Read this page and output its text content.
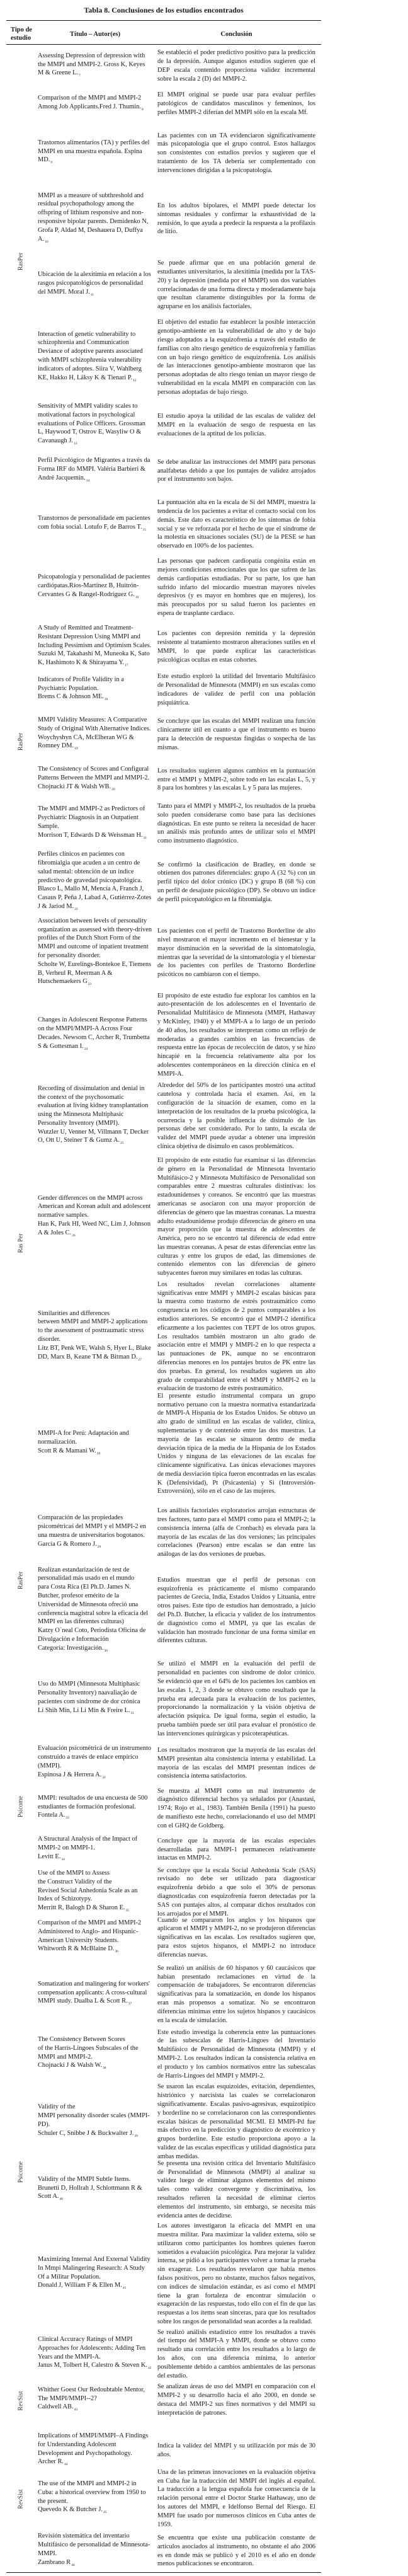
Tabla 8. Conclusiones de los estudios encontrados
Tipo de
estudio
Título – Autor(es)	Conclusión
Assessing Depression of depression with the MMPI and MMPI-2. Gross K, Keyes M & Greene $L._7$
Se estableció el poder predictivo positivo para la predicción de la depresión. Aunque algunos estudios sugieren que el DEP escala contenido proporciona validez incremental sobre la escala 2 (D) del MMPI-2.
Comparison of the MMPI and MMPI-2 Among Job Applicants.Fred J. $Thumin._8$
El MMPI original se puede usar para evaluar perfiles patológicos de candidatos masculinos y femeninos, los perfiles MMPI-2 diferían del MMPI sólo en la escala Mf.
Trastornos alimentarios (TA) y perfiles del MMPI en una muestra española. Espina $MD._9$
Las pacientes con un TA evidenciaron significativamente más psicopatología que el grupo control. Estos hallazgos son consistentes con estudios previos y sugieren que el tratamiento de los TA debería ser complementado con intervenciones dirigidas a la psicopatología.
MMPI as a measure of subthreshold and residual psychopathology among the offspring of lithium responsive and non-responsive bipolar parents. Demidenko N, Grofa P, Aldad M, Deshauera D, Duffya $A._{10}$
En los adultos bipolares, el MMPI puede detectar los síntomas residuales y confirmar la exhaustividad de la remisión, lo que ayuda a predecir la respuesta a la profilaxis de litio.
Ubicación de la alexitimia en relación a los rasgos psicopatológicos de personalidad del MMPI. Moral $J._{11}$
Se puede afirmar que en una población general de estudiantes universitarios, la alexitimia (medida por la TAS-20) y la depresión (medida por el MMPI) son dos variables correlacionadas de una forma directa y moderadamente baja que resultan claramente distinguibles por la forma de agruparse en los análisis factoriales.
Interaction of genetic vulnerability to schizophrenia and Communication Deviance of adoptive parents associated with MMPI schizophrenia vulnerability indicators of adoptes. Siira V, Wahlberg KE, Hakko H, Läksy K & Tienari $P._{12}$
El objetivo del estudio fue establecer la posible interacción genotipo-ambiente en la vulnerabilidad de alto y de bajo riesgo adoptados a la esquizofrenia a través del estudio de familias con alto riesgo genético de esquizofrenia y familias con un bajo riesgo genético de esquizofrenia. Los análisis de las interacciones genotipo-ambiente mostraron que las personas adoptadas de alto riesgo tenían un mayor riesgo de vulnerabilidad en la escala MMPI en comparación con las personas adoptadas de bajo riesgo.
Sensitivity of MMPI validity scales to motivational factors in psychological evaluations of Police Officers. Grossman L, Haywood T, Ostrov E, Wasyliw O & Cavanaugh $J._{13}$
El estudio apoya la utilidad de las escalas de validez del MMPI en la evaluación de sesgo de respuesta en las evaluaciones de la aptitud de los policías.
Perfil Psicológico de Migrantes a través da Forma IRF do MMPI. Valéria Barbieri & André $Jacquemin._{14}$
Se debe analizar las instrucciones del MMPI para personas analfabetas debido a que los puntajes de validez arrojados por el instrumento son bajos.
Transtornos de personalidade em pacientes com fobia social. Lotufo F, de Barros $T._{15}$
La puntuación alta en la escala de Si del MMPI, muestra la tendencia de los pacientes a evitar el contacto social con los demás. Este dato es característico de los síntomas de fobia social y se ve reforzada por el hecho de que el síndrome de la molestia en situaciones sociales (SU) de la PESE se han observado en 100% de los pacientes.
Psicopatología y personalidad de pacientes cardiópatas.Ríos-Martínez B, Huitrón-Cervantes G & Rangel-Rodríguez $G._{16}$
Las personas que padecen cardiopatía congénita están en mejores condiciones emocionales que los que sufren de las demás cardiopatías estudiadas. Por su parte, los que han sufrido infarto del miocardio muestran mayores niveles depresivos (y es mayor en hombres que en mujeres), los más preocupados por su salud fueron los pacientes en espera de trasplante cardiaco.
A Study of Remitted and Treatment-Resistant Depression Using MMPI and Including Pessimism and Optimism Scales. Suzuki M, Takahashi M, Muneoka K, Sato K, Hashimoto K & Shirayama $Y._{17}$
Los pacientes con depresión remitida y la depresión resistente al tratamiento mostraron alteraciones sutiles en el MMPI, lo que puede explicar las características psicológicas ocultas en estas cohortes.
Indicators of Profile Validity in a Psychiatric Population.
Brems C & Johnson $ME._{18}$
Este estudio exploró la utilidad del Inventario Multifásico de Personalidad de Minnesota (MMPI) en sus escalas como indicadores de validez de perfil con una población psiquiátrica.
MMPI Validity Measures: A Comparative Study of Original With Alternative Indices. Woychyshyn CA, McElheran WG & Romney $DM._{19}$
Se concluye que las escalas del MMPI realizan una función clínicamente útil en cuanto a que el instrumento es bueno para la detección de respuestas fingidas o sospecha de las mismas.
The Consistency of Scores and Configural Patterns Between the MMPI and MMPI-2. Chojnacki JT & Walsh $WB._{20}$
Los resultados sugieren algunos cambios en la puntuación entre el MMPI y MMPI-2, sobre todo en las escalas L, 5, y 8 para los hombres y las escalas L y 5 para las mujeres.
The MMPI and MMPI-2 as Predictors of Psychiatric Diagnosis in an Outpatient Sample.
Morrison T, Edwards D & Weissman $H._{21}$
Tanto para el MMPI y MMPI-2, los resultados de la prueba solo pueden considerarse como base para las decisiones diagnósticas. En este punto se reitera la necesidad de hacer un análisis más profundo antes de utilizar solo el MMPI como instrumento diagnóstico.
Perfiles clínicos en pacientes con fibromialgia que acuden a un centro de salud mental: obtención de un índice predictivo de gravedad psicopatológica.
Blasco L, Mallo M, Mencía A, Franch J, Casaus P, Peña J, Labad A, Gutiérrez-Zotes J & Jariod $M._{22}$
Se confirmó la clasificación de Bradley, en donde se obtienen dos patrones diferenciales: grupo A (32 %) con un perfil típico del dolor crónico (DC) y grupo B (68 %) con un perfil de desajuste psicológico (DP). Se obtuvo un índice de perfil psicopatológico en la fibromialgia.
Association between levels of personality organization as assessed with theory-driven profiles of the Dutch Short Form of the MMPI and outcome of inpatient treatment for personality disorder.
Scholte W, Eurelings-Bontekoe E, Tiemens B, Verheul R, Meerman A & Hutschemaekers $G_{23}$
Los pacientes con el perfil de Trastorno Borderline de alto nivel mostraron el mayor incremento en el bienestar y la mayor disminución en la severidad de la sintomatología, mientras que la severidad de la sintomatología y el bienestar de los pacientes con perfiles de Trastorno Borderline psicóticos no cambiaron con el tiempo.
Changes in Adolescent Response Patterns on the MMPI/MMPI-A Across Four Decades. Newsom C, Archer R, Trumbetta S & Gottesman $I._{24}$
El propósito de este estudio fue explorar los cambios en la auto-presentación de los adolescentes en el Inventario de Personalidad Multifásico de Minnesota (MMPI, Hathaway y McKinley, 1940) y el MMPI-A a lo largo de un período de 40 años, los resultados se interpretan como un reflejo de moderadas a grandes cambios en las frecuencias de respuesta entre las épocas de recolección de datos, y se hizo hincapié en la frecuencia relativamente alta por los adolescentes contemporáneos en la dirección clínica en el MMPI-A.
Recording of dissimulation and denial in the context of the psychosomatic evaluation at living kidney transplantation using the Minnesota Multiphasic Personality Inventory (MMPI).
Wutzler U, Venner M, Villmann T, Decker O, Ott U, Steiner T & Gumz $A._{25}$
Alrededor del 50% de los participantes mostró una actitud cautelosa y controlada hacia el examen. Así, en la configuración de la situación de examen, como en la interpretación de los resultados de la prueba psicológica, la ocurrencia y la posible influencia de disimulo de las personas debe ser considerado. Por lo tanto, la escala de validez del MMPI puede ayudar a obtener una impresión clínica objetiva de disimulo en casos problemáticos.
Gender differences on the MMPI across American and Korean adult and adolescent normative samples.
Han K, Park HI, Weed NC, Lim J, Johnson A & Joles $C._{26}$
El propósito de este estudio fue examinar si las diferencias de género en la Personalidad de Minnesota Inventario Multifásico-2 y Minnesota Multifásico de Personalidad son comparables entre 2 muestras culturales distintivas: los estadounidenses y coreanos. Se encontró que las muestras americanas se asociaron con una mayor proporción de diferencias de género que las muestras coreanas. La muestra adulto estadounidense produjo diferencias de género en una mayor proporción que la muestra de adolescentes de América, pero no se encontró tal diferencia de edad entre las muestras coreanas. A pesar de estas diferencias entre las culturas y entre los grupos de edad, las dimensiones de contenido elementos con las diferencias de género subyacentes fueron muy similares en todas las culturas.
Similarities and differences
between MMPI and MMPI-2 applications to the assessment of posttraumatic stress disorder.
Litz BT, Penk WE, Walsh S, Hyer L, Blake DD, Marx B, Keane TM & Bitman $D._{27}$
Los resultados revelan correlaciones altamente significativas entre MMPI y MMPI-2 escalas básicas para la muestra como trastorno de estrés postraumático como congruencia en los códigos de 2 puntos comparables a los estudios anteriores. Se encontró que el MMPI-2 identifica eficazmente a los pacientes con TEPT de los otros grupos. Los resultados también mostraron un alto grado de asociación entre el MMPI y MMPI-2 en lo que respecta a las puntuaciones de PK, aunque no se encontraron diferencias menores en los puntajes brutos de PK entre las dos pruebas. En general, los resultados sugieren un alto grado de comparabilidad entre el MMPI y MMPI-2 en la evaluación de trastorno de estrés postraumático.
MMPI-A for Perú: Adaptación and normalización.
Scott R & Mamani $W._{28}$
El presente estudio instrumental compara un grupo normativo peruano con la muestra normativa estandarizada de MMPI-A Hispania de los Estados Unidos. Se obtuvo un alto grado de similitud en las escalas de validez, clínica, suplementarias y de contenido entre las dos muestras. La mayoría de las escalas se situaron dentro de media desviación típica de la media de la Hispania de los Estados Unidos y ninguna de las elevaciones de las escalas fue clínicamente significativa. Las únicas elevaciones mayores de media desviación típica fueron encontradas en las escalas K (Defensividad), Pt (Psicastenia) y Si (Introversión-Extroversión), sólo en el caso de las mujeres.
Comparación de las propiedades psicométricaś del MMPI y el MMPI-2 en una muestra de universitarios bogotanos.
García G & Romero $J._{29}$
Los análisis factoriales exploratorios arrojan estructuras de tres factores, tanto para el MMPI como para el MMPI-2; la consistencia interna (alfa de Cronbach) es elevada para la mayoría de las escalas de las dos versiones; las principales correlaciones (Pearson) entre escalas se dan entre las análogas de las dos versiones de pruebas.
Realizan estandarización de test de personalidad más usado en el mundo
para Costa Rica (El Ph.D. James N. Butcher, profesor emérito de la Universidad de Minnesota ofreció una conferencia magistral sobre la eficacia del MMPI en las diferentes culturas)
Katzy O`neal Coto, Periodista Oficina de Divulgación e Información
Categoría: $Investigación._{30}$
Estudios muestran que el perfil de personas con esquizofrenia es prácticamente el mismo comparando pacientes de Grecia, India, Estados Unidos y Lituania, entre otros países. Este tipo de estudios han demostrado, a juicio del Ph.D. Butcher, la eficacia y validez de los instrumentos de diagnóstico como el MMPI, ya que las escalas de validación han mostrado funcionar de una forma similar en diferentes culturas.
Uso do MMPI (Minnesota Multiphasic Personality Inventory) naavaliação de pacientes com síndrome de dor crónica
Li Shih Min, Li Li Min & Freire $L._{31}$
Se utilizó el MMPI en la evaluación del perfil de personalidad en pacientes con síndrome de dolor crónico. Se evidenció que en el 64% de los pacientes los cambios en las escalas 1, 2, 3 donde se obtuvo como resultado que la prueba era adecuada para la evaluación de los pacientes, proporcionando la normalización y la visión objetiva de afectación psíquica. De igual forma, según el estudio, la prueba también puede ser útil para evaluar el pronóstico de las intervenciones quirúrgicas y psicoterapéuticas.
Evaluación psicométricá de un instrumento construido a través de enlace empírico (MMPI).
Espinosa J & Herrera $A._{32}$
Los resultados mostraron que la mayoría de las escalas del MMPI presentan alta consistencia interna y estabilidad. La mayoría de las escalas del MMPI presentan índices de consistencia interna satisfactorios.
MMPI: resultados de una encuesta de 500 estudiantes de formación profesional.
Fontela $A._{33}$
Se muestra al MMPI como un mal instrumento de diagnóstico diferencial hechos ya señalados por (Anastasi, 1974; Rojo et al., 1983). También Benila (1991) ha puesto de manifiesto este hecho, correlacionando el uso del MMPI con el GHQ de Goldberg.
A Structural Analysis of the Impact of MMPI-2 on MMPI-1.
Levitt $E._{34}$
Concluye que la mayoría de las escalas especiales desarrolladas para MMPI-1 permanecen relativamente intactas en MMPI-2.
Use of the MMPI to Assess
the Construct Validity of the
Revised Social Anhedonia Scale as an Index of Schizotypy.
Merritt R, Balogh D & Sharon $E._{35}$
Se concluye que la escala Social Anhedonia Scale (SAS) revisado no debe ser utilizado para diagnosticar esquizofrenia debido a que solo el 30% de personas diagnosticadas con esquizofrenia fueron detectadas por la SAS con puntajes altos, al comparar dichos resultados con los arrojados por el MMPI.
Comparison of the MMPI and MMPI-2 Administered to Anglo- and Hispanic-American University Students.
Whitworth R & McBlaine $D._{36}$
Cuando se compararon los anglos y los hispanos que aplicaron el MMPI y MMPI-2, no se produjeron diferencias significativas en las escalas. Los resultados sugieren que, para estos sujetos hispanos, el MMPI-2 no introduce diferencias nuevas.
Somatization and malingering for workers' compensation applicants: A cross-cultural MMPI study. Dualba L & Scott $R._{37}$
Se realizó un análisis de 60 hispanos y 60 caucásicos que habían presentado reclamaciones en virtud de la compensación de trabajadores. Se encontraron diferencias significativas para la somatización, en donde los hispanos eran más propensos a somatizar. No se encontraron diferencias mínimas entre los sujetos hispanos y caucásicos en la escala de simulación.
The Consistency Between Scores
of the Harris-Lingoes Subscales of the MMPI and MMPI-2.
Chojnacki J & Walsh $W._{38}$
Este estudio investiga la coherencia entre las puntuaciones de las subescalas de Harris-Lingoes del Inventario Multifásico de Personalidad de Minnesota (MMPI) y el MMPI-2. Los resultados indican la consistencia relativa en el producto y los cambios normativos entre las subescalas de Harris-Lingoes del MMPI y MMPI-2.
Validity of the
MMPI personality disorder scales (MMPI-PD).
Schuler C, Snibbe J & Buckwalter $J._{39}$
Se usaron las escalas esquizoides, evitación, dependientes, histriónico y narcisista las cuales se correlacionaron significativamente. Escalas pasivo-agresivas, esquizotípico y borderline no se correlacionaron con las correspondientes escalas básicas de personalidad MCMI. El MMPI-Pd fue más efectivo en la predicción y diagnóstico de excéntrico y grupos borderline. Este estudio proporciona apoyo a la validez de las escalas específicas y utilidad diagnóstica para ambas medidas.
Validity of the MMPI Subtle Items.
Brunetti D, Hollrah J, Schlottmann R & Scott $A._{40}$
Se presenta una revisión crítica del Inventario Multifásico de Personalidad de Minnesota (MMPI) al analizar su validez luego de eliminar algunos elementos del mismo tales como validez convergente y discriminativa, los resultados refieren la necesidad de eliminar ciertos elementos del instrumento, sin embargo, se necesita más evidencia antes de decidirse.
Maximizing Internal And External Validity In Mmpi Malingering Research: A Study Of a Militar Population.
Donald J, William F & Ellen $M._{41}$
Los autores investigaron la eficacia del MMPI en una muestra militar. Para maximizar la validez externa, sólo se utilizaron como participantes los hombres quienes fueron sometidos a evaluación psicológica. Para mejorar la validez interna, se pidió a los participantes volver a tomar la prueba sin exagerar. Los resultados revelaron que había menos falsos positivos, pero no obstante, muchos falsos negativos, con índices de simulación estándar, es así como el MMPI tiene la gran fortaleza de encontrar simulación o exageración de las respuestas, todo ello con el fin de que las respuestas a los ítems sean sinceras, para que los resultados sobre los rasgos de personalidad sean acordes a la realidad.
Clinical Accuracy Ratings of MMPI Approaches for Adolescents: Adding Ten Years and the MMPI-A.
Janus M, Tolbert H, Calestro & Steven $K._{42}$
Se realizó análisis estadístico entre los resultados a través del tiempo del MMPI-A y MMPI, donde se obtuvo como resultado una correlación entre los resultados a lo largo de los años, con una diferencia mínima, lo anterior posiblemente debido a cambios ambientales de las personas del estudio.
Whither Goest Our Redoubtable Mentor, The MMPI/MMPI--2?
Caldwell $AB._{43}$
Se analizan áreas de uso del MMPI en comparación con el MMPI-2 y su desarrollo hacia el año 2000, en donde se destaca del MMPI-2 sus fines normativos y del MMPI su interpretación de patrones.
Implications of MMPI/MMPI–A Findings for Understanding Adolescent Development and Psychopathology.
Archer $R._{44}$
Indica la validez del MMPI y su utilización por más de 30 años.
The use of the MMPI and MMPI-2 in Cuba: a historical overview from 1950 to the present.
Quevedo K & Butcher $J._{45}$
Una de las primeras innovaciones en la evaluación objetiva en Cuba fue la traducción del MMPI del inglés al español. La traducción a la lengua española fue consecuencia de la relación personal entre el Doctor Starke Hathaway, uno de los autores del MMPI, e Idelfonso Bernal del Riesgo. El MMPI fue usado por numerosos clínicos en Cuba antes de 1959.
Revisión sistemática del inventario Multifásico de personalidad de Minnesota-MMPI.
Zambrano $R_{46}$
Se encuentra que existe una publicación constante de artículos asociados al instrumento, no obstante el año 2006 es en donde más se publicó y el 2010 es el año en donde menos publicaciones se encontraron.
RasPer
RasPer
Ras Per
RasPer
Psicome
Psicome
RevSist
RevSist
